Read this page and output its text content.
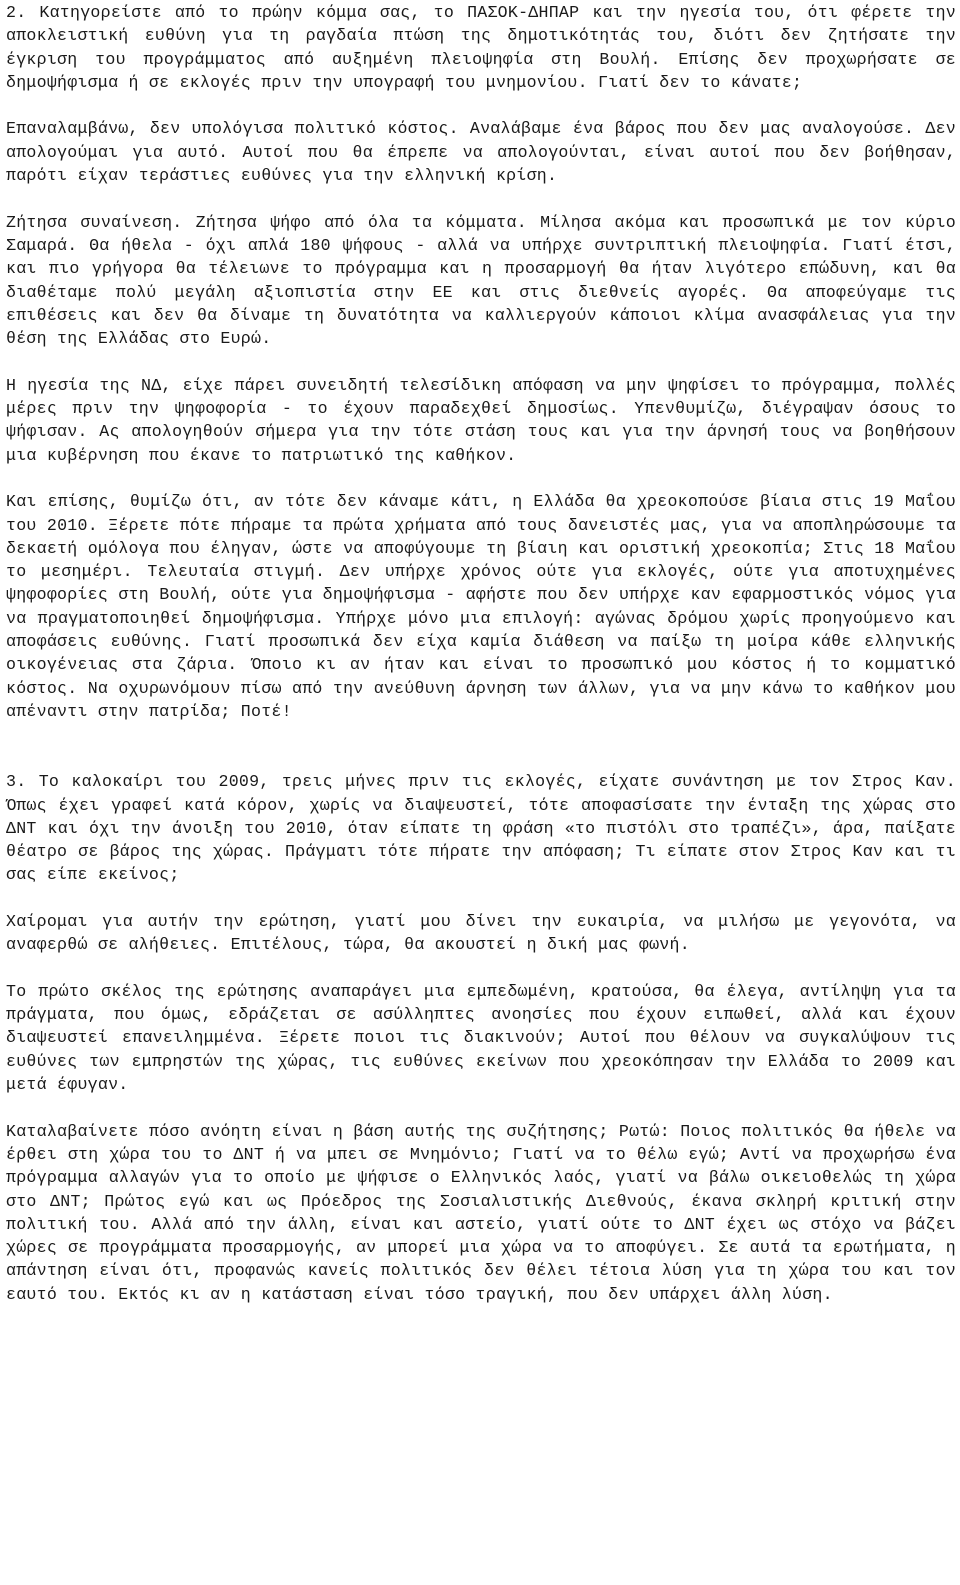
2. Κατηγορείστε από το πρώην κόμμα σας, το ΠΑΣΟΚ-ΔΗΠΑΡ και την ηγεσία του, ότι φέρετε την αποκλειστική ευθύνη για τη ραγδαία πτώση της δημοτικότητάς του, διότι δεν ζητήσατε την έγκριση του προγράμματος από αυξημένη πλειοψηφία στη Βουλή. Επίσης δεν προχωρήσατε σε δημοψήφισμα ή σε εκλογές πριν την υπογραφή του μνημονίου. Γιατί δεν το κάνατε;

Επαναλαμβάνω, δεν υπολόγισα πολιτικό κόστος. Αναλάβαμε ένα βάρος που δεν μας αναλογούσε. Δεν απολογούμαι για αυτό. Αυτοί που θα έπρεπε να απολογούνται, είναι αυτοί που δεν βοήθησαν, παρότι είχαν τεράστιες ευθύνες για την ελληνική κρίση.

Ζήτησα συναίνεση. Ζήτησα ψήφο από όλα τα κόμματα. Μίλησα ακόμα και προσωπικά με τον κύριο Σαμαρά. Θα ήθελα - όχι απλά 180 ψήφους - αλλά να υπήρχε συντριπτική πλειοψηφία. Γιατί έτσι, και πιο γρήγορα θα τέλειωνε το πρόγραμμα και η προσαρμογή θα ήταν λιγότερο επώδυνη, και θα διαθέταμε πολύ μεγάλη αξιοπιστία στην ΕΕ και στις διεθνείς αγορές. Θα αποφεύγαμε τις επιθέσεις και δεν θα δίναμε τη δυνατότητα να καλλιεργούν κάποιοι κλίμα ανασφάλειας για την θέση της Ελλάδας στο Ευρώ.

Η ηγεσία της ΝΔ, είχε πάρει συνειδητή τελεσίδικη απόφαση να μην ψηφίσει το πρόγραμμα, πολλές μέρες πριν την ψηφοφορία - το έχουν παραδεχθεί δημοσίως. Υπενθυμίζω, διέγραψαν όσους το ψήφισαν. Ας απολογηθούν σήμερα για την τότε στάση τους και για την άρνησή τους να βοηθήσουν μια κυβέρνηση που έκανε το πατριωτικό της καθήκον.

Και επίσης, θυμίζω ότι, αν τότε δεν κάναμε κάτι, η Ελλάδα θα χρεοκοπούσε βίαια στις 19 Μαΐου του 2010. Ξέρετε πότε πήραμε τα πρώτα χρήματα από τους δανειστές μας, για να αποπληρώσουμε τα δεκαετή ομόλογα που έληγαν, ώστε να αποφύγουμε τη βίαιη και οριστική χρεοκοπία; Στις 18 Μαΐου το μεσημέρι. Τελευταία στιγμή. Δεν υπήρχε χρόνος ούτε για εκλογές, ούτε για αποτυχημένες ψηφοφορίες στη Βουλή, ούτε για δημοψήφισμα - αφήστε που δεν υπήρχε καν εφαρμοστικός νόμος για να πραγματοποιηθεί δημοψήφισμα. Υπήρχε μόνο μια επιλογή: αγώνας δρόμου χωρίς προηγούμενο και αποφάσεις ευθύνης. Γιατί προσωπικά δεν είχα καμία διάθεση να παίξω τη μοίρα κάθε ελληνικής οικογένειας στα ζάρια. Όποιο κι αν ήταν και είναι το προσωπικό μου κόστος ή το κομματικό κόστος. Να οχυρωνόμουν πίσω από την ανεύθυνη άρνηση των άλλων, για να μην κάνω το καθήκον μου απέναντι στην πατρίδα; Ποτέ!

3. Το καλοκαίρι του 2009, τρεις μήνες πριν τις εκλογές, είχατε συνάντηση με τον Στρος Καν. Όπως έχει γραφεί κατά κόρον, χωρίς να διαψευστεί, τότε αποφασίσατε την ένταξη της χώρας στο ΔΝΤ και όχι την άνοιξη του 2010, όταν είπατε τη φράση «το πιστόλι στο τραπέζι», άρα, παίξατε θέατρο σε βάρος της χώρας. Πράγματι τότε πήρατε την απόφαση; Τι είπατε στον Στρος Καν και τι σας είπε εκείνος;

Χαίρομαι για αυτήν την ερώτηση, γιατί μου δίνει την ευκαιρία, να μιλήσω με γεγονότα, να αναφερθώ σε αλήθειες. Επιτέλους, τώρα, θα ακουστεί η δική μας φωνή.

Το πρώτο σκέλος της ερώτησης αναπαράγει μια εμπεδωμένη, κρατούσα, θα έλεγα, αντίληψη για τα πράγματα, που όμως, εδράζεται σε ασύλληπτες ανοησίες που έχουν ειπωθεί, αλλά και έχουν διαψευστεί επανειλημμένα. Ξέρετε ποιοι τις διακινούν; Αυτοί που θέλουν να συγκαλύψουν τις ευθύνες των εμπρηστών της χώρας, τις ευθύνες εκείνων που χρεοκόπησαν την Ελλάδα το 2009 και μετά έφυγαν.

Καταλαβαίνετε πόσο ανόητη είναι η βάση αυτής της συζήτησης; Ρωτώ: Ποιος πολιτικός θα ήθελε να έρθει στη χώρα του το ΔΝΤ ή να μπει σε Μνημόνιο; Γιατί να το θέλω εγώ; Αντί να προχωρήσω ένα πρόγραμμα αλλαγών για το οποίο με ψήφισε ο Ελληνικός λαός, γιατί να βάλω οικειοθελώς τη χώρα στο ΔΝΤ; Πρώτος εγώ και ως Πρόεδρος της Σοσιαλιστικής Διεθνούς, έκανα σκληρή κριτική στην πολιτική του. Αλλά από την άλλη, είναι και αστείο, γιατί ούτε το ΔΝΤ έχει ως στόχο να βάζει χώρες σε προγράμματα προσαρμογής, αν μπορεί μια χώρα να το αποφύγει. Σε αυτά τα ερωτήματα, η απάντηση είναι ότι, προφανώς κανείς πολιτικός δεν θέλει τέτοια λύση για τη χώρα του και τον εαυτό του. Εκτός κι αν η κατάσταση είναι τόσο τραγική, που δεν υπάρχει άλλη λύση.
